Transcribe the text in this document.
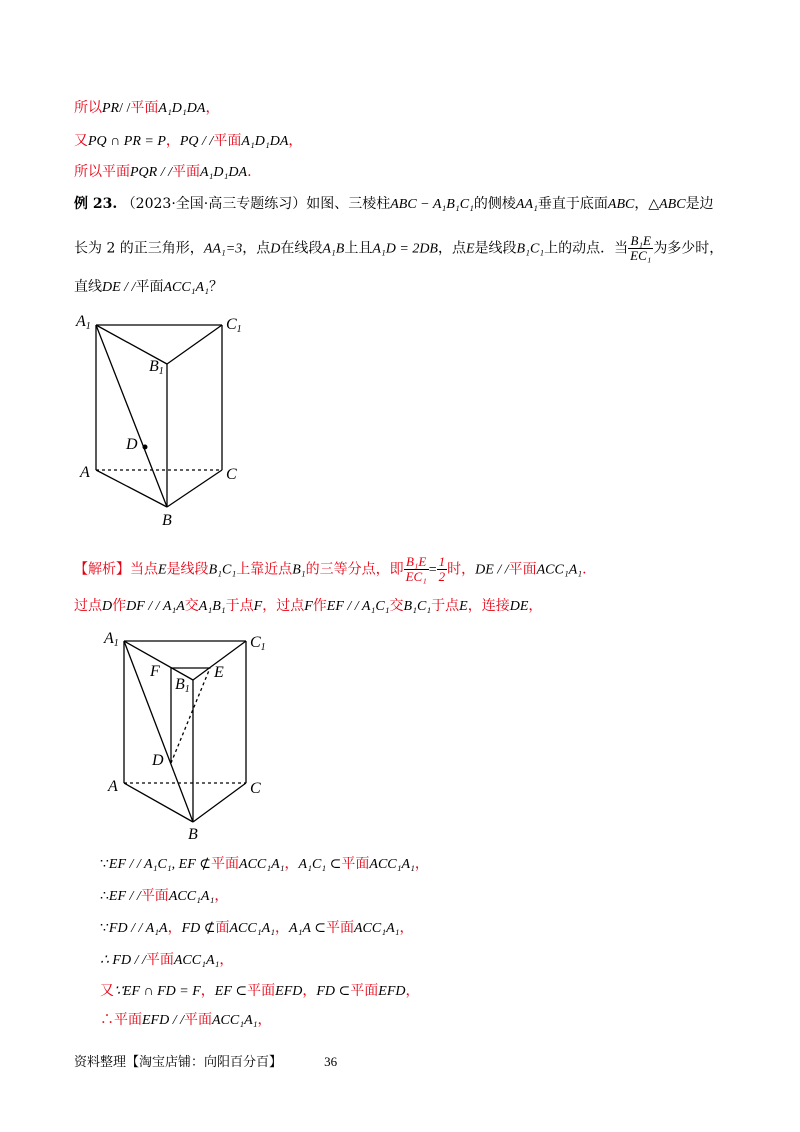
所以PR/ /平面A₁D₁DA，
又PQ ∩ PR = P，PQ / /平面A₁D₁DA，
所以平面PQR / /平面A₁D₁DA.
例 23. （2023·全国·高三专题练习）如图、三棱柱ABC − A₁B₁C₁的侧棱AA₁垂直于底面ABC，△ABC是边
长为 2 的正三角形，AA₁=3，点D在线段A₁B上且A₁D = 2DB，点E是线段B₁C₁上的动点．当 $\frac{\text{B₁E}}{\text{EC₁}}$ 为多少时，
直线DE / /平面ACC₁A₁？
A1	C1
B1
D
A	C
B
【解析】当点E是线段B₁C₁上靠近点B₁的三等分点，即 $\frac{\text{B₁E}}{\text{EC₁}} = \frac{1}{2}$ 时，DE / /平面ACC₁A₁.
过点D作DF / / A₁A交A₁B₁于点F，过点F作EF / / A₁C₁交B₁C₁于点E，连接DE，
A1	C1
F	E
B1
D
A	C
B
∵EF / / A₁C₁, EF ⊄平面ACC₁A₁，A₁C₁ ⊂平面ACC₁A₁，
∴EF / /平面ACC₁A₁，
∵FD / / A₁A，FD ⊄面ACC₁A₁，A₁A ⊂平面ACC₁A₁，
∴ FD / /平面ACC₁A₁，
又∵EF ∩ FD = F，EF ⊂平面EFD，FD ⊂平面EFD，
∴平面EFD / /平面ACC₁A₁，
资料整理【淘宝店铺：向阳百分百】	36
